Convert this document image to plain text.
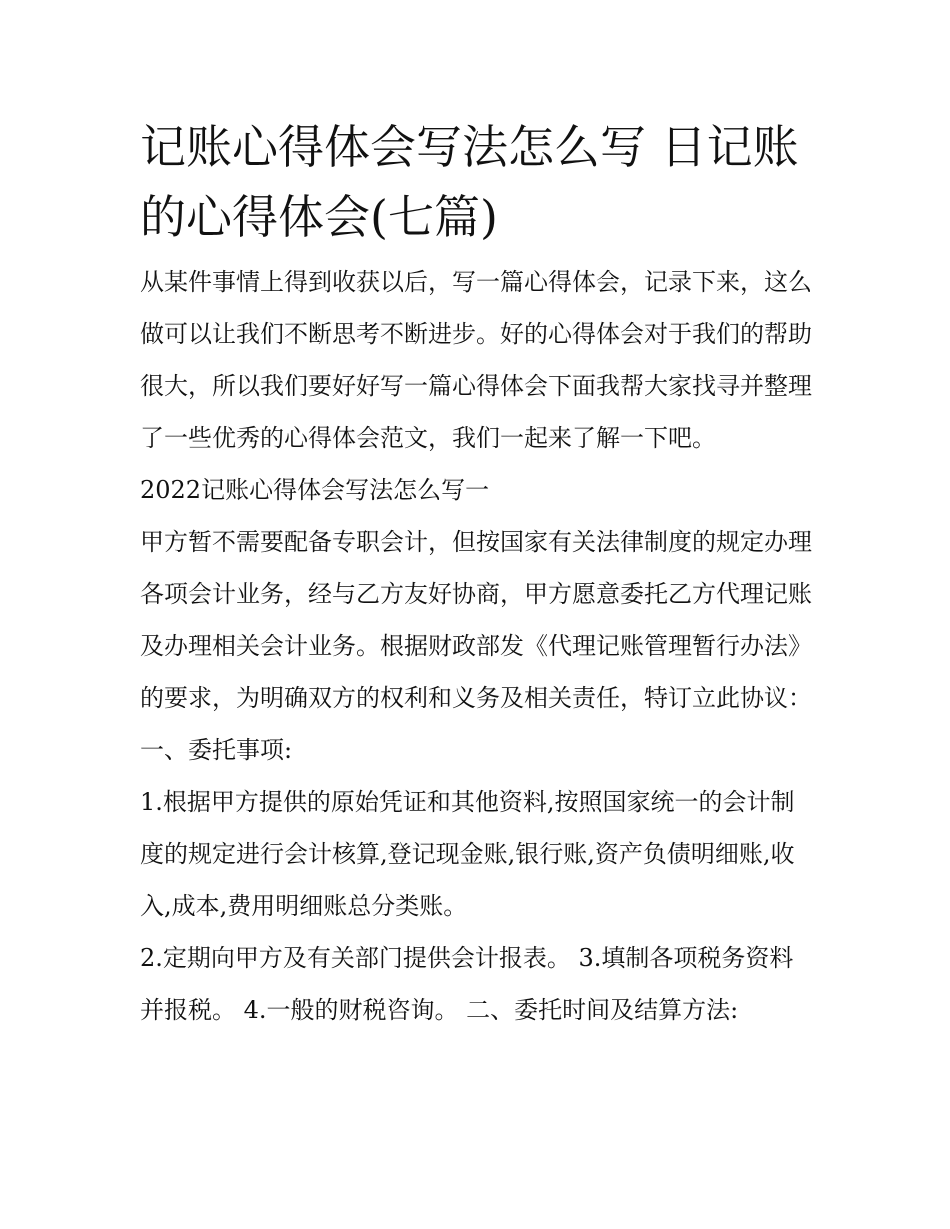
记账心得体会写法怎么写 日记账的心得体会(七篇)

从某件事情上得到收获以后，写一篇心得体会，记录下来，这么做可以让我们不断思考不断进步。好的心得体会对于我们的帮助很大，所以我们要好好写一篇心得体会下面我帮大家找寻并整理了一些优秀的心得体会范文，我们一起来了解一下吧。

2022记账心得体会写法怎么写一

甲方暂不需要配备专职会计，但按国家有关法律制度的规定办理各项会计业务，经与乙方友好协商，甲方愿意委托乙方代理记账及办理相关会计业务。根据财政部发《代理记账管理暂行办法》的要求，为明确双方的权利和义务及相关责任，特订立此协议：

一、委托事项:

1.根据甲方提供的原始凭证和其他资料,按照国家统一的会计制度的规定进行会计核算,登记现金账,银行账,资产负债明细账,收入,成本,费用明细账总分类账。

2.定期向甲方及有关部门提供会计报表。 3.填制各项税务资料并报税。 4.一般的财税咨询。 二、委托时间及结算方法:
